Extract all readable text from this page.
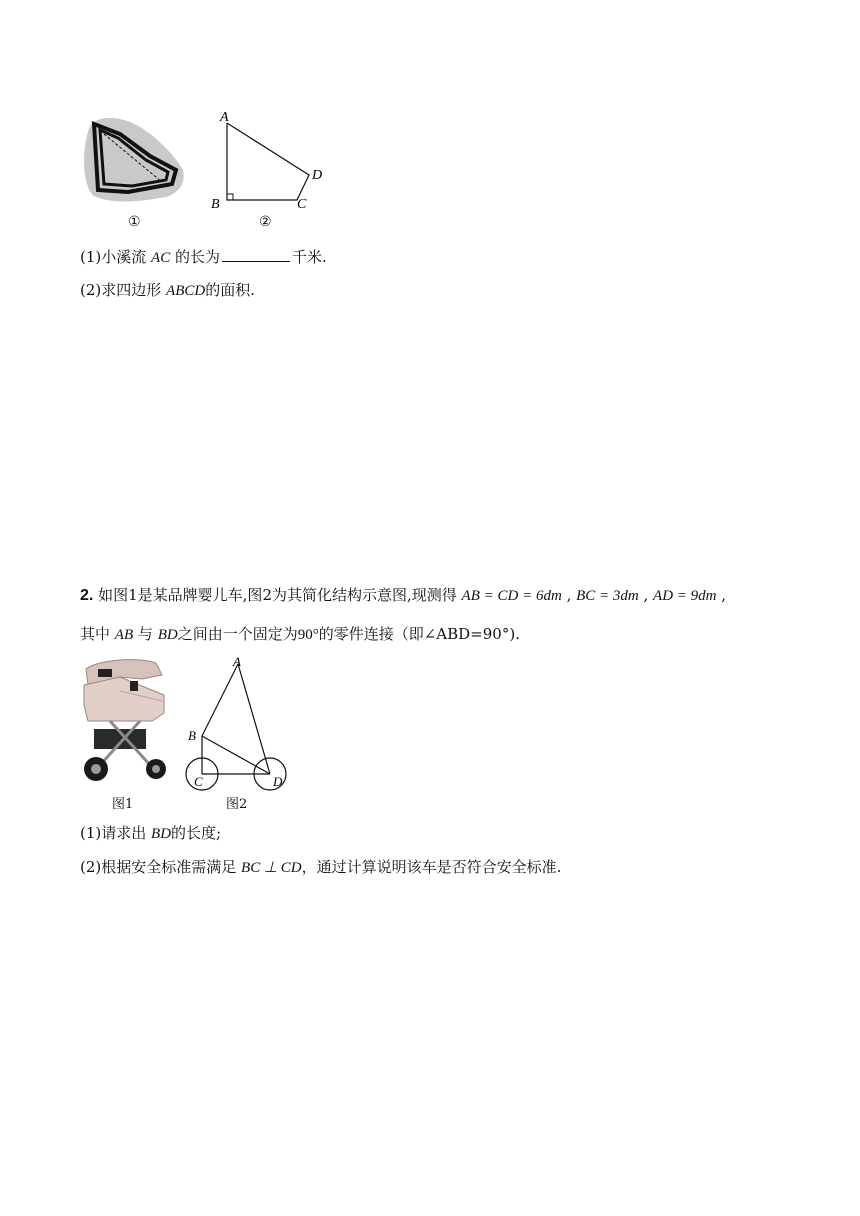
①
A
B	C
D
②
(1)小溪流 AC 的长为	千米.
(2)求四边形 ABCD的面积.
2. 如图1是某品牌婴儿车,图2为其简化结构示意图,现测得 AB = CD = 6dm , BC = 3dm , AD = 9dm ,
其中 AB 与 BD之间由一个固定为90°的零件连接（即∠ABD=90°).
图1
A
B
C	D
图2
(1)请求出 BD的长度;
(2)根据安全标准需满足 BC ⊥ CD，通过计算说明该车是否符合安全标准.
